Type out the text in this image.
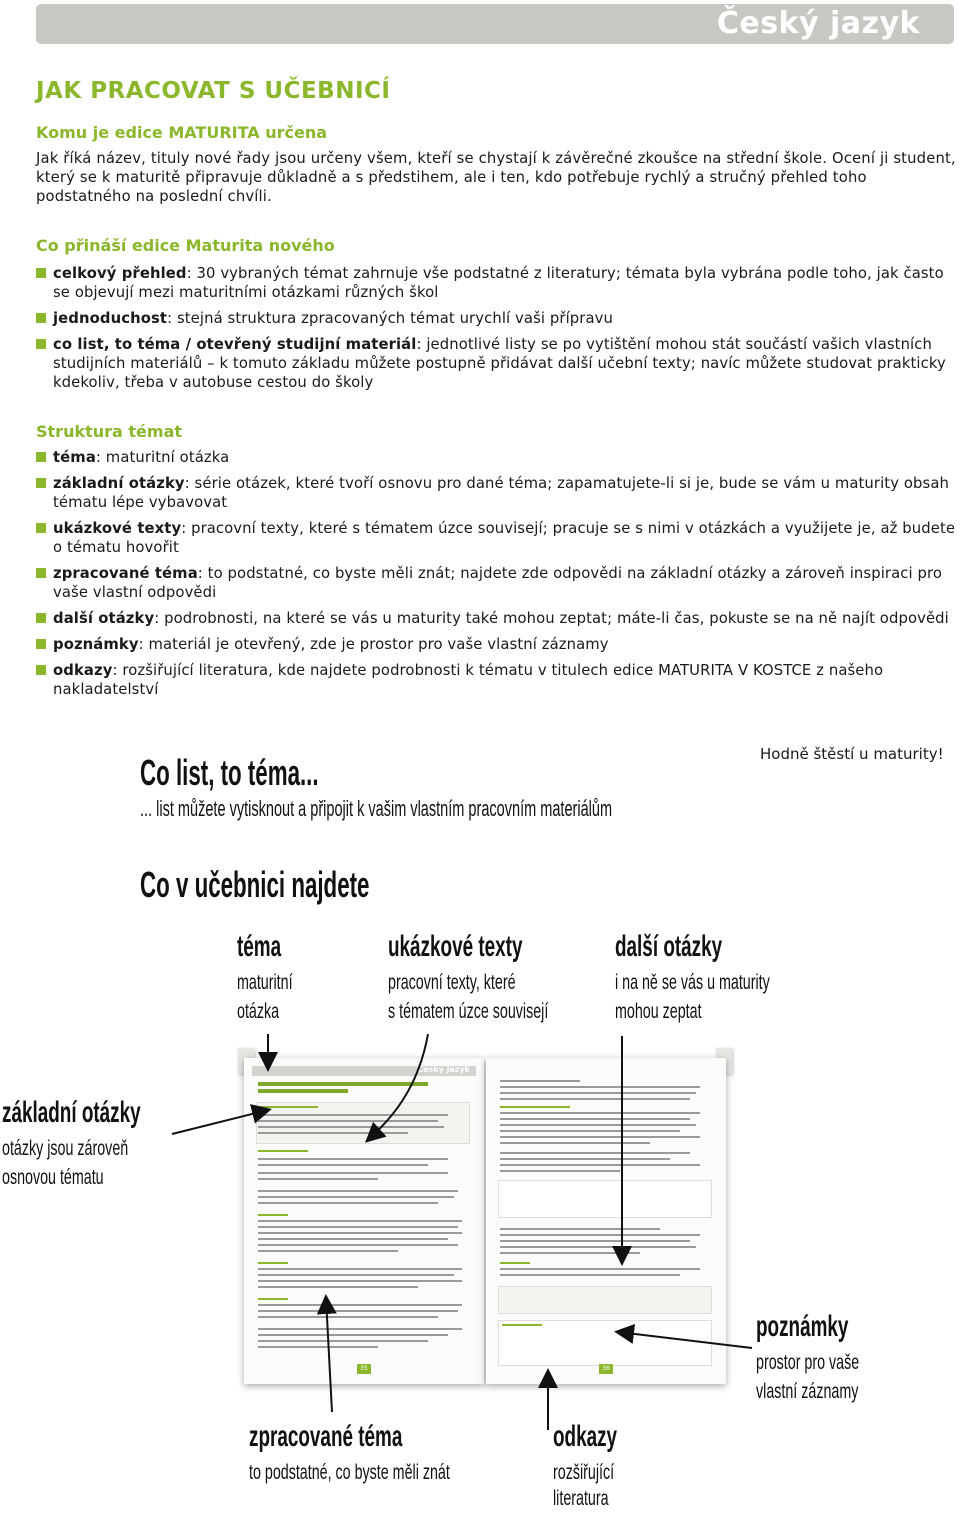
Český jazyk
JAK PRACOVAT S UČEBNICÍ
Komu je edice MATURITA určena
Jak říká název, tituly nové řady jsou určeny všem, kteří se chystají k závěrečné zkoušce na střední škole. Ocení ji student, který se k maturitě připravuje důkladně a s předstihem, ale i ten, kdo potřebuje rychlý a stručný přehled toho podstatného na poslední chvíli.
Co přináší edice Maturita nového
celkový přehled: 30 vybraných témat zahrnuje vše podstatné z literatury; témata byla vybrána podle toho, jak často se objevují mezi maturitními otázkami různých škol
jednoduchost: stejná struktura zpracovaných témat urychlí vaši přípravu
co list, to téma / otevřený studijní materiál: jednotlivé listy se po vytištění mohou stát součástí vašich vlastních studijních materiálů – k tomuto základu můžete postupně přidávat další učební texty; navíc můžete studovat prakticky kdekoliv, třeba v autobuse cestou do školy
Struktura témat
téma: maturitní otázka
základní otázky: série otázek, které tvoří osnovu pro dané téma; zapamatujete-li si je, bude se vám u maturity obsah tématu lépe vybavovat
ukázkové texty: pracovní texty, které s tématem úzce souvisejí; pracuje se s nimi v otázkách a využijete je, až budete o tématu hovořit
zpracované téma: to podstatné, co byste měli znát; najdete zde odpovědi na základní otázky a zároveň inspiraci pro vaše vlastní odpovědi
další otázky: podrobnosti, na které se vás u maturity také mohou zeptat; máte-li čas, pokuste se na ně najít odpovědi
poznámky: materiál je otevřený, zde je prostor pro vaše vlastní záznamy
odkazy: rozšiřující literatura, kde najdete podrobnosti k tématu v titulech edice MATURITA V KOSTCE z našeho nakladatelství
Co list, to téma...
... list můžete vytisknout a připojit k vašim vlastním pracovním materiálům
Hodně štěstí u maturity!
Co v učebnici najdete
téma
maturitní
otázka
ukázkové texty
pracovní texty, které
s tématem úzce souvisejí
další otázky
i na ně se vás u maturity
mohou zeptat
základní otázky
otázky jsou zároveň
osnovou tématu
poznámky
prostor pro vaše
vlastní záznamy
zpracované téma
to podstatné, co byste měli znát
odkazy
rozšiřující
literatura
Český jazyk
35	36
